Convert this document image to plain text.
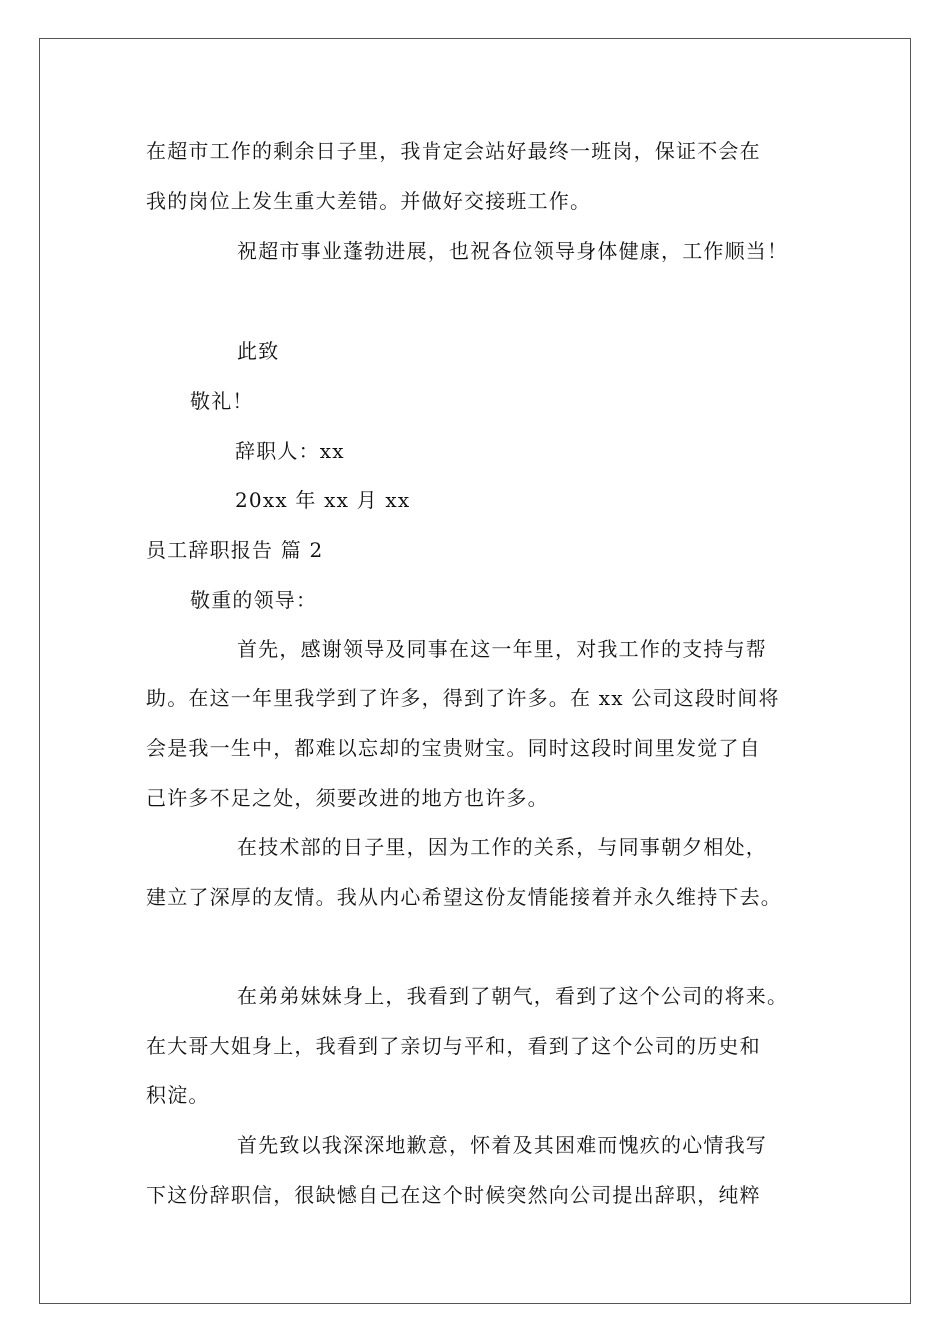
在超市工作的剩余日子里，我肯定会站好最终一班岗，保证不会在
我的岗位上发生重大差错。并做好交接班工作。
祝超市事业蓬勃进展，也祝各位领导身体健康，工作顺当！
此致
敬礼！
辞职人：xx
20xx 年 xx 月 xx
员工辞职报告 篇 2
敬重的领导：
首先，感谢领导及同事在这一年里，对我工作的支持与帮
助。在这一年里我学到了许多，得到了许多。在 xx 公司这段时间将
会是我一生中，都难以忘却的宝贵财宝。同时这段时间里发觉了自
己许多不足之处，须要改进的地方也许多。
在技术部的日子里，因为工作的关系，与同事朝夕相处，
建立了深厚的友情。我从内心希望这份友情能接着并永久维持下去。
在弟弟妹妹身上，我看到了朝气，看到了这个公司的将来。
在大哥大姐身上，我看到了亲切与平和，看到了这个公司的历史和
积淀。
首先致以我深深地歉意，怀着及其困难而愧疚的心情我写
下这份辞职信，很缺憾自己在这个时候突然向公司提出辞职，纯粹
